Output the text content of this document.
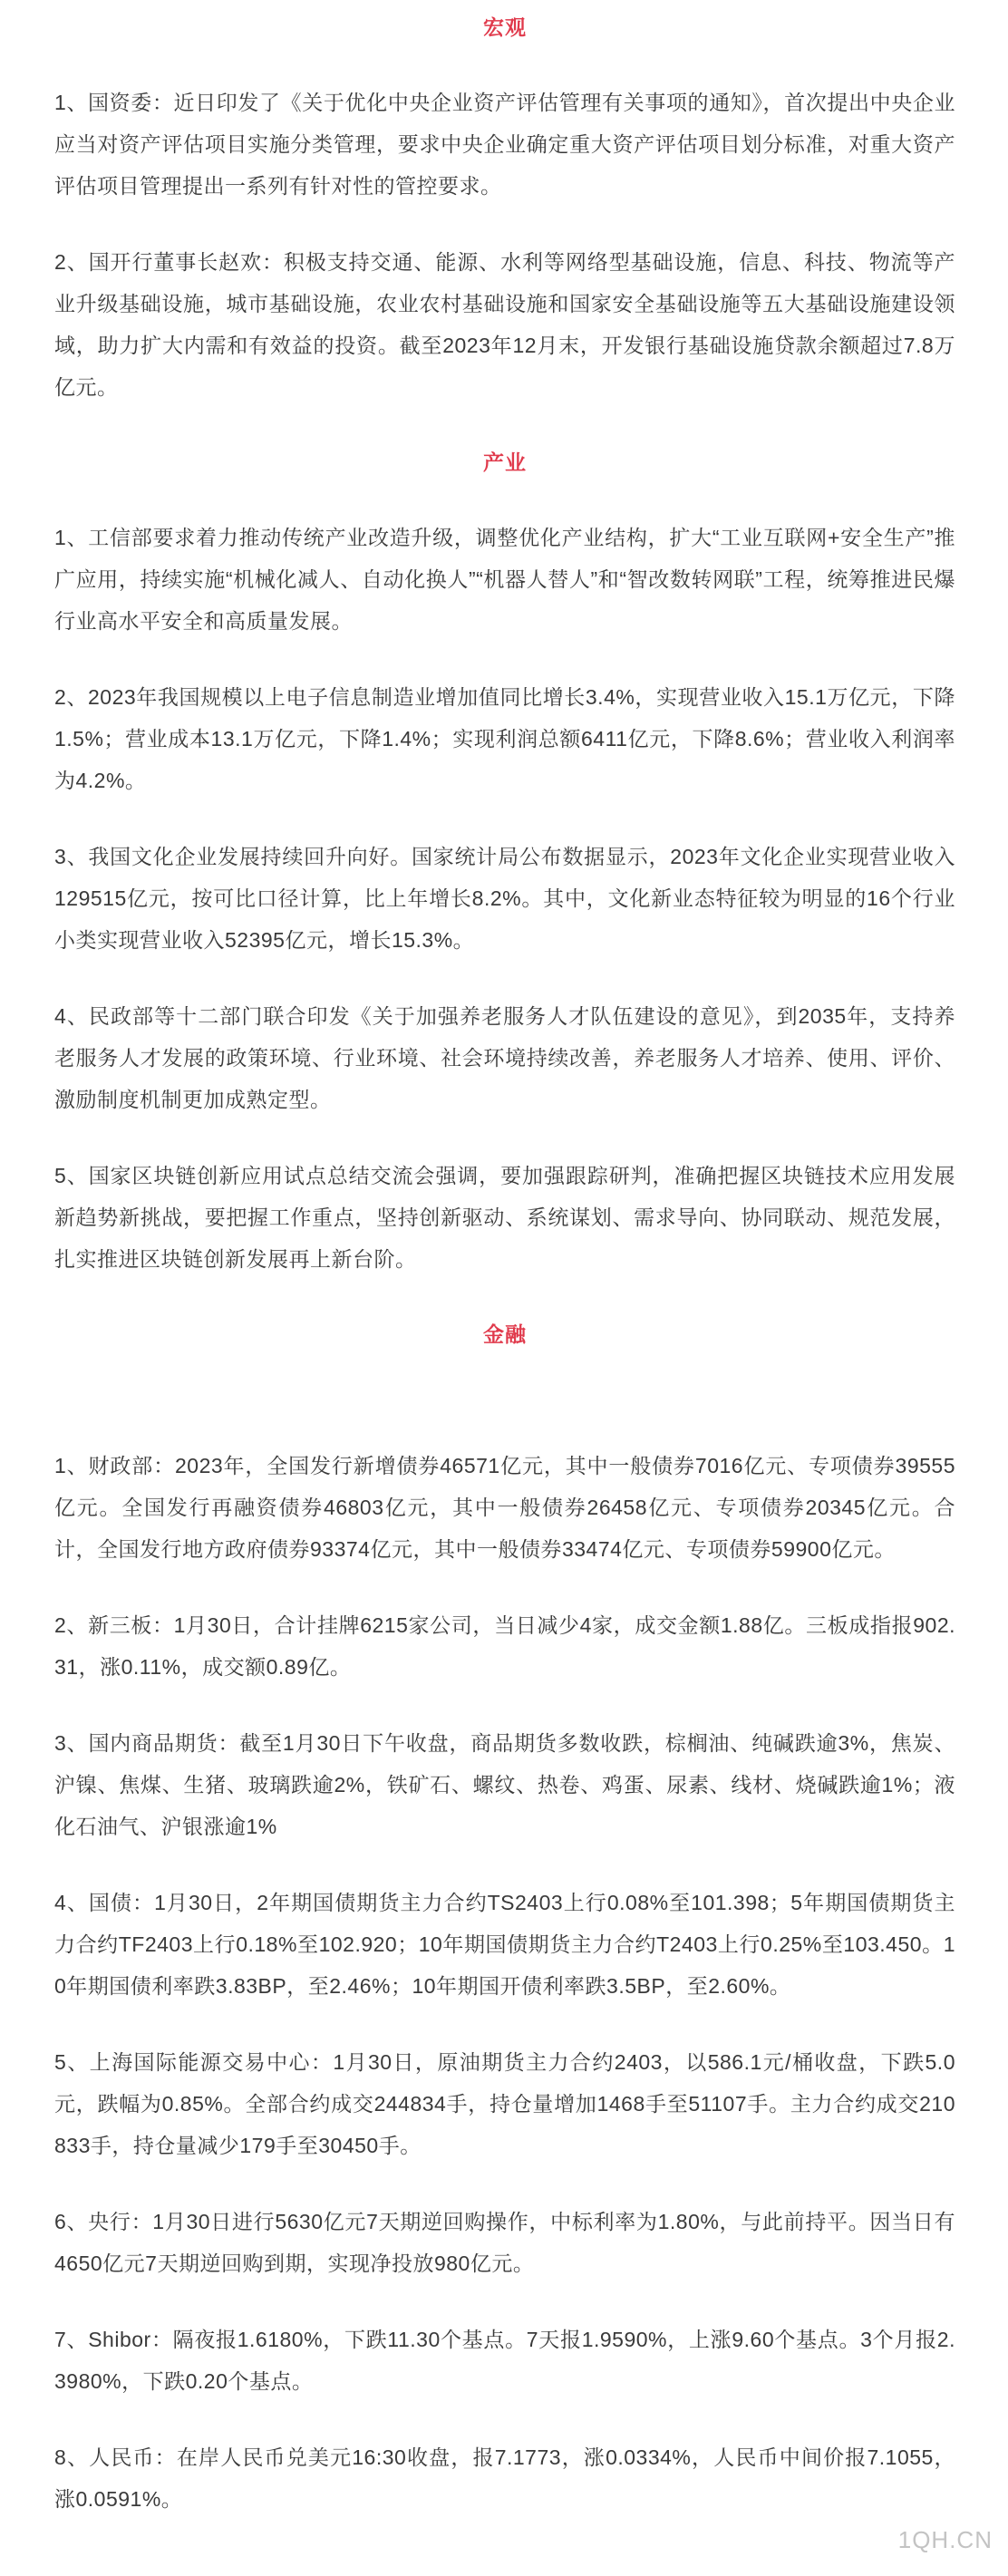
宏观

1、国资委：近日印发了《关于优化中央企业资产评估管理有关事项的通知》，首次提出中央企业应当对资产评估项目实施分类管理，要求中央企业确定重大资产评估项目划分标准，对重大资产评估项目管理提出一系列有针对性的管控要求。

2、国开行董事长赵欢：积极支持交通、能源、水利等网络型基础设施，信息、科技、物流等产业升级基础设施，城市基础设施，农业农村基础设施和国家安全基础设施等五大基础设施建设领域，助力扩大内需和有效益的投资。截至2023年12月末，开发银行基础设施贷款余额超过7.8万亿元。

产业

1、工信部要求着力推动传统产业改造升级，调整优化产业结构，扩大“工业互联网+安全生产”推广应用，持续实施“机械化减人、自动化换人”“机器人替人”和“智改数转网联”工程，统筹推进民爆行业高水平安全和高质量发展。

2、2023年我国规模以上电子信息制造业增加值同比增长3.4%，实现营业收入15.1万亿元，下降1.5%；营业成本13.1万亿元，下降1.4%；实现利润总额6411亿元，下降8.6%；营业收入利润率为4.2%。

3、我国文化企业发展持续回升向好。国家统计局公布数据显示，2023年文化企业实现营业收入129515亿元，按可比口径计算，比上年增长8.2%。其中，文化新业态特征较为明显的16个行业小类实现营业收入52395亿元，增长15.3%。

4、民政部等十二部门联合印发《关于加强养老服务人才队伍建设的意见》，到2035年，支持养老服务人才发展的政策环境、行业环境、社会环境持续改善，养老服务人才培养、使用、评价、激励制度机制更加成熟定型。

5、国家区块链创新应用试点总结交流会强调，要加强跟踪研判，准确把握区块链技术应用发展新趋势新挑战，要把握工作重点，坚持创新驱动、系统谋划、需求导向、协同联动、规范发展，扎实推进区块链创新发展再上新台阶。

金融

1、财政部：2023年，全国发行新增债券46571亿元，其中一般债券7016亿元、专项债券39555亿元。全国发行再融资债券46803亿元，其中一般债券26458亿元、专项债券20345亿元。合计，全国发行地方政府债券93374亿元，其中一般债券33474亿元、专项债券59900亿元。

2、新三板：1月30日，合计挂牌6215家公司，当日减少4家，成交金额1.88亿。三板成指报902.31，涨0.11%，成交额0.89亿。

3、国内商品期货：截至1月30日下午收盘，商品期货多数收跌，棕榈油、纯碱跌逾3%，焦炭、沪镍、焦煤、生猪、玻璃跌逾2%，铁矿石、螺纹、热卷、鸡蛋、尿素、线材、烧碱跌逾1%；液化石油气、沪银涨逾1%

4、国债：1月30日，2年期国债期货主力合约TS2403上行0.08%至101.398；5年期国债期货主力合约TF2403上行0.18%至102.920；10年期国债期货主力合约T2403上行0.25%至103.450。10年期国债利率跌3.83BP，至2.46%；10年期国开债利率跌3.5BP，至2.60%。

5、上海国际能源交易中心：1月30日，原油期货主力合约2403，以586.1元/桶收盘，下跌5.0元，跌幅为0.85%。全部合约成交244834手，持仓量增加1468手至51107手。主力合约成交210833手，持仓量减少179手至30450手。

6、央行：1月30日进行5630亿元7天期逆回购操作，中标利率为1.80%，与此前持平。因当日有4650亿元7天期逆回购到期，实现净投放980亿元。

7、Shibor：隔夜报1.6180%，下跌11.30个基点。7天报1.9590%，上涨9.60个基点。3个月报2.3980%，下跌0.20个基点。

8、人民币：在岸人民币兑美元16:30收盘，报7.1773，涨0.0334%，人民币中间价报7.1055，涨0.0591%。

1QH.CN
